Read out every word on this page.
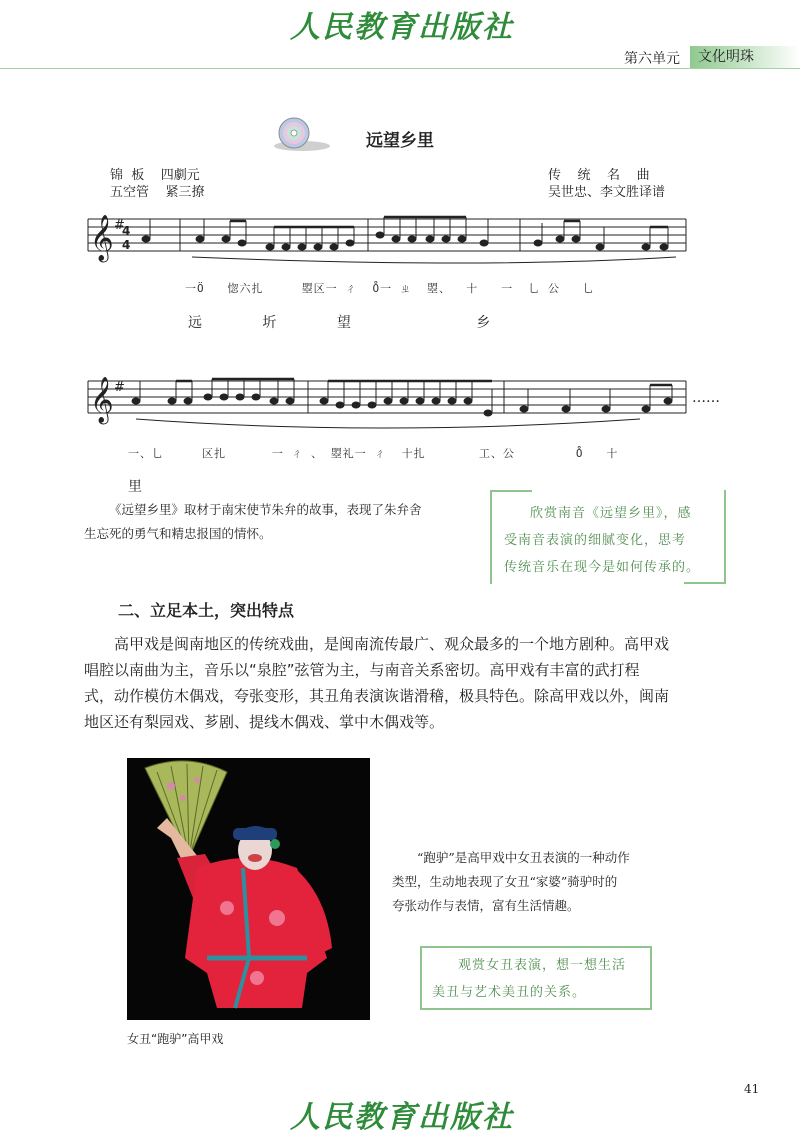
人民教育出版社
第六单元	文化明珠
远望乡里
锦  板    四劇元
五空管    紧三撩
传    统    名    曲
吴世忠、李文胜译谱
𝄞 #
4
4
一Ö   惚六扎     曌区一 ㄔ  O̊一 ㄓ  曌、  十   一  乚 公   乚
远 圻 望   乡
𝄞 #
……
一、乚     区扎      一 ㄔ 、 曌礼一 ㄔ  十扎       工、公        O̊   十
里
《远望乡里》取材于南宋使节朱弁的故事，表现了朱弁舍
生忘死的勇气和精忠报国的情怀。
欣赏南音《远望乡里》，感
受南音表演的细腻变化，思考
传统音乐在现今是如何传承的。
二、立足本土，突出特点
高甲戏是闽南地区的传统戏曲，是闽南流传最广、观众最多的一个地方剧种。高甲戏
唱腔以南曲为主，音乐以“泉腔”弦管为主，与南音关系密切。高甲戏有丰富的武打程
式，动作模仿木偶戏，夸张变形，其丑角表演诙谐滑稽，极具特色。除高甲戏以外，闽南
地区还有梨园戏、芗剧、提线木偶戏、掌中木偶戏等。
女丑“跑驴”高甲戏
“跑驴”是高甲戏中女丑表演的一种动作
类型，生动地表现了女丑“家婆”骑驴时的
夸张动作与表情，富有生活情趣。
观赏女丑表演，想一想生活
美丑与艺术美丑的关系。
41
人民教育出版社
